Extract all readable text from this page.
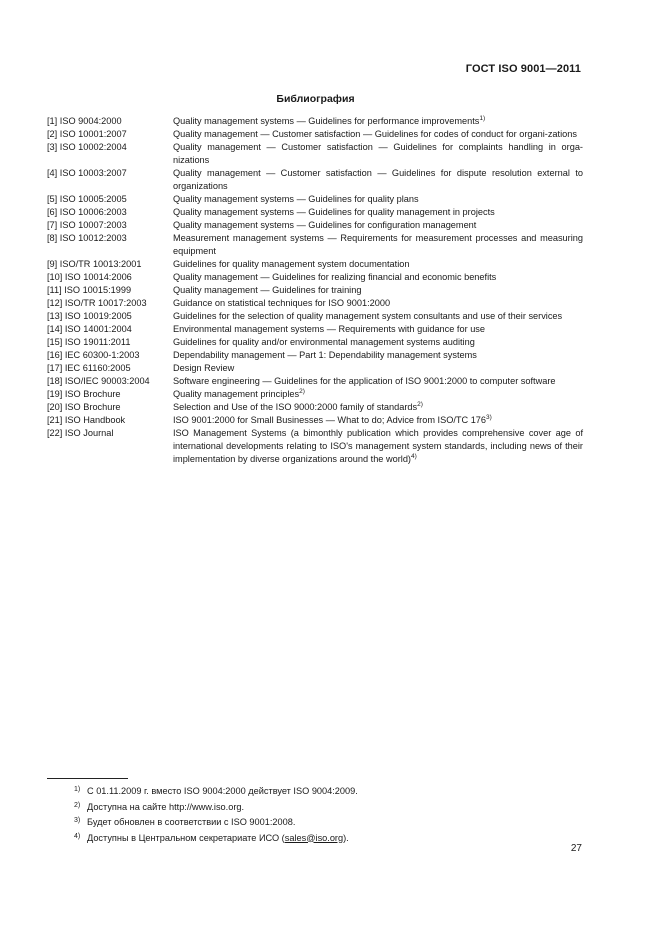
ГОСТ ISO 9001—2011
Библиография
[1] ISO 9004:2000	Quality management systems — Guidelines for performance improvements$^{1)}$
[2] ISO 10001:2007	Quality management — Customer satisfaction — Guidelines for codes of conduct for organi-zations
[3] ISO 10002:2004	Quality management — Customer satisfaction — Guidelines for complaints handling in orga-nizations
[4] ISO 10003:2007	Quality management — Customer satisfaction — Guidelines for dispute resolution external to organizations
[5] ISO 10005:2005	Quality management systems — Guidelines for quality plans
[6] ISO 10006:2003	Quality management systems — Guidelines for quality management in projects
[7] ISO 10007:2003	Quality management systems — Guidelines for configuration management
[8] ISO 10012:2003	Measurement management systems — Requirements for measurement processes and measuring equipment
[9] ISO/TR 10013:2001	Guidelines for quality management system documentation
[10] ISO 10014:2006	Quality management — Guidelines for realizing financial and economic benefits
[11] ISO 10015:1999	Quality management — Guidelines for training
[12] ISO/TR 10017:2003	Guidance on statistical techniques for ISO 9001:2000
[13] ISO 10019:2005	Guidelines for the selection of quality management system consultants and use of their services
[14] ISO 14001:2004	Environmental management systems — Requirements with guidance for use
[15] ISO 19011:2011	Guidelines for quality and/or environmental management systems auditing
[16] IEC 60300-1:2003	Dependability management — Part 1: Dependability management systems
[17] IEC 61160:2005	Design Review
[18] ISO/IEC 90003:2004	Software engineering — Guidelines for the application of ISO 9001:2000 to computer software
[19] ISO Brochure	Quality management principles$^{2)}$
[20] ISO Brochure	Selection and Use of the ISO 9000:2000 family of standards$^{2)}$
[21] ISO Handbook	ISO 9001:2000 for Small Businesses — What to do; Advice from ISO/TC 176$^{3)}$
[22] ISO Journal	ISO Management Systems (a bimonthly publication which provides comprehensive cover age of international developments relating to ISO's management system standards, including news of their implementation by diverse organizations around the world)$^{4)}$
1) С 01.11.2009 г. вместо ISO 9004:2000 действует ISO 9004:2009.
2) Доступна на сайте http://www.iso.org.
3) Будет обновлен в соответствии с ISO 9001:2008.
4) Доступны в Центральном секретариате ИСО (sales@iso.org).
27
